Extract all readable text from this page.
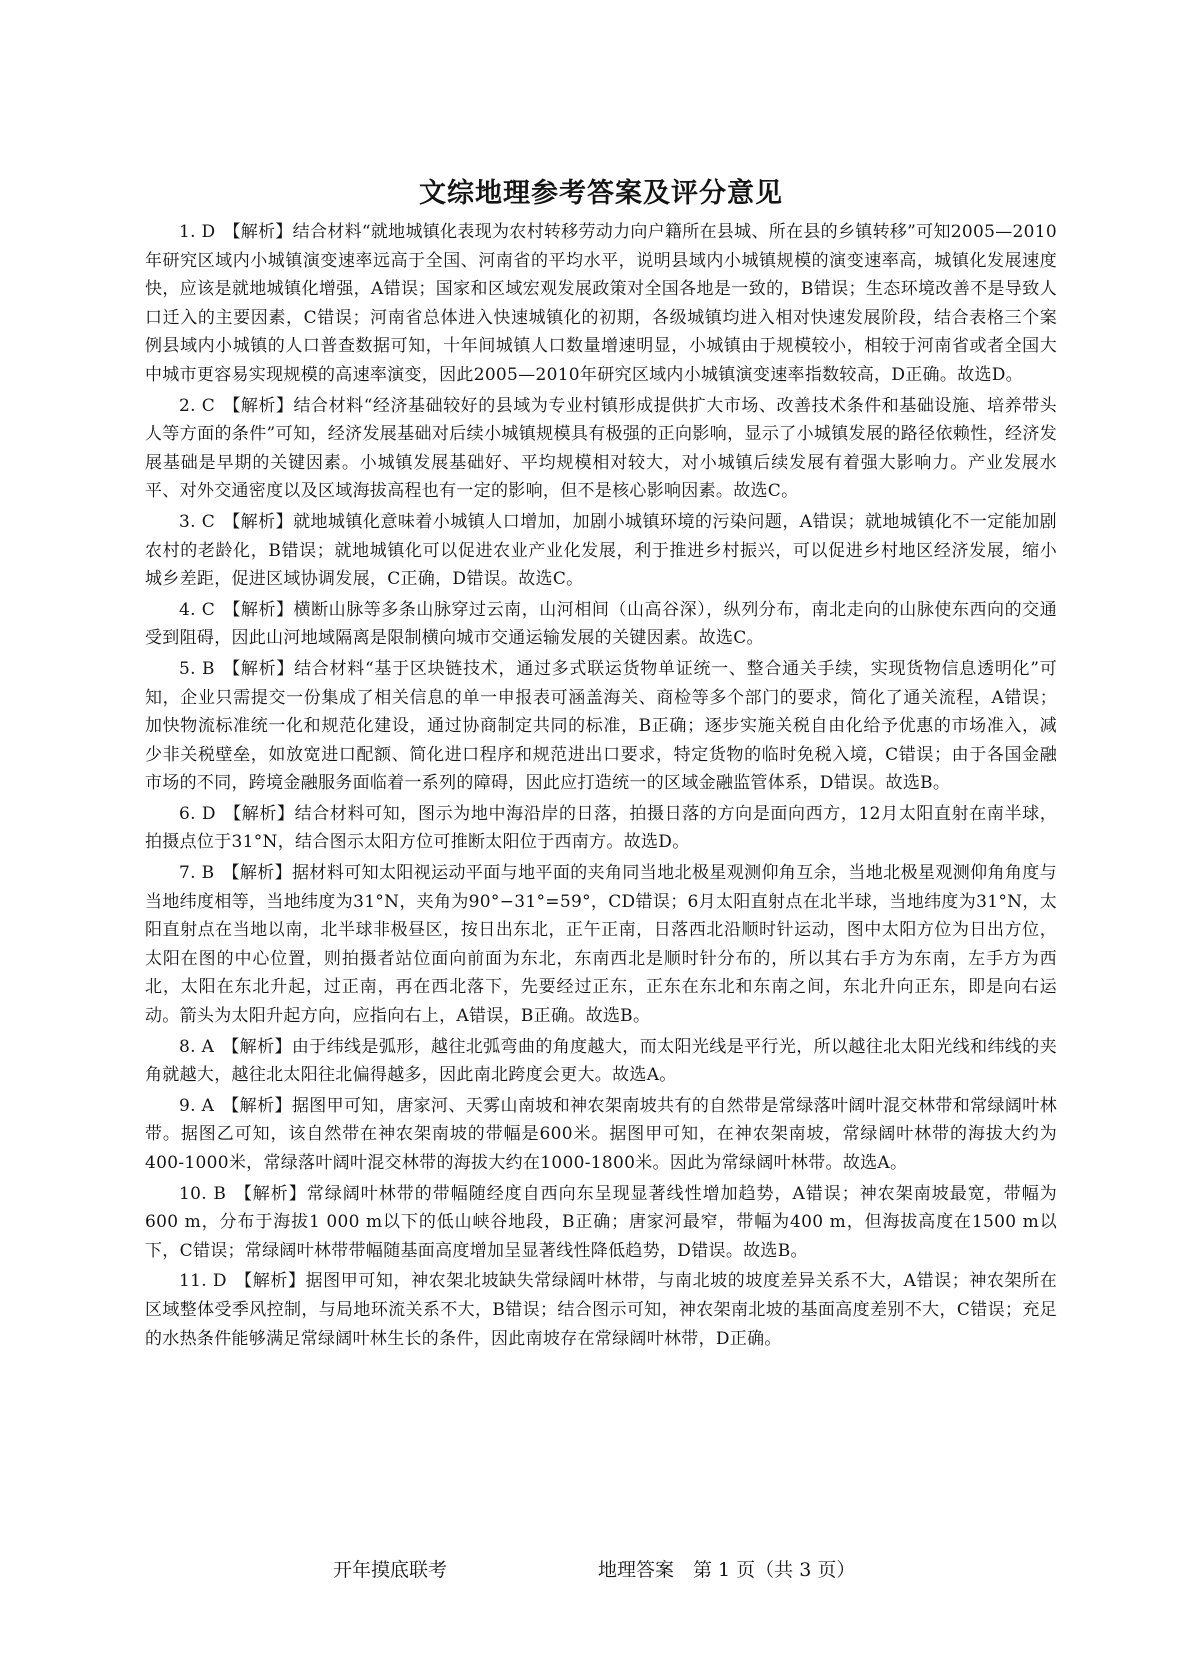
文综地理参考答案及评分意见

1. D 【解析】结合材料“就地城镇化表现为农村转移劳动力向户籍所在县城、所在县的乡镇转移”可知2005—2010年研究区域内小城镇演变速率远高于全国、河南省的平均水平，说明县域内小城镇规模的演变速率高，城镇化发展速度快，应该是就地城镇化增强，A错误；国家和区域宏观发展政策对全国各地是一致的，B错误；生态环境改善不是导致人口迁入的主要因素，C错误；河南省总体进入快速城镇化的初期，各级城镇均进入相对快速发展阶段，结合表格三个案例县域内小城镇的人口普查数据可知，十年间城镇人口数量增速明显，小城镇由于规模较小，相较于河南省或者全国大中城市更容易实现规模的高速率演变，因此2005—2010年研究区域内小城镇演变速率指数较高，D正确。故选D。

2. C 【解析】结合材料“经济基础较好的县域为专业村镇形成提供扩大市场、改善技术条件和基础设施、培养带头人等方面的条件”可知，经济发展基础对后续小城镇规模具有极强的正向影响，显示了小城镇发展的路径依赖性，经济发展基础是早期的关键因素。小城镇发展基础好、平均规模相对较大，对小城镇后续发展有着强大影响力。产业发展水平、对外交通密度以及区域海拔高程也有一定的影响，但不是核心影响因素。故选C。

3. C 【解析】就地城镇化意味着小城镇人口增加，加剧小城镇环境的污染问题，A错误；就地城镇化不一定能加剧农村的老龄化，B错误；就地城镇化可以促进农业产业化发展，利于推进乡村振兴，可以促进乡村地区经济发展，缩小城乡差距，促进区域协调发展，C正确，D错误。故选C。

4. C 【解析】横断山脉等多条山脉穿过云南，山河相间（山高谷深），纵列分布，南北走向的山脉使东西向的交通受到阻碍，因此山河地域隔离是限制横向城市交通运输发展的关键因素。故选C。

5. B 【解析】结合材料“基于区块链技术，通过多式联运货物单证统一、整合通关手续，实现货物信息透明化”可知，企业只需提交一份集成了相关信息的单一申报表可涵盖海关、商检等多个部门的要求，简化了通关流程，A错误；加快物流标准统一化和规范化建设，通过协商制定共同的标准，B正确；逐步实施关税自由化给予优惠的市场准入，减少非关税壁垒，如放宽进口配额、简化进口程序和规范进出口要求，特定货物的临时免税入境，C错误；由于各国金融市场的不同，跨境金融服务面临着一系列的障碍，因此应打造统一的区域金融监管体系，D错误。故选B。

6. D 【解析】结合材料可知，图示为地中海沿岸的日落，拍摄日落的方向是面向西方，12月太阳直射在南半球，拍摄点位于31°N，结合图示太阳方位可推断太阳位于西南方。故选D。

7. B 【解析】据材料可知太阳视运动平面与地平面的夹角同当地北极星观测仰角互余，当地北极星观测仰角角度与当地纬度相等，当地纬度为31°N，夹角为90°−31°=59°，CD错误；6月太阳直射点在北半球，当地纬度为31°N，太阳直射点在当地以南，北半球非极昼区，按日出东北，正午正南，日落西北沿顺时针运动，图中太阳方位为日出方位，太阳在图的中心位置，则拍摄者站位面向前面为东北，东南西北是顺时针分布的，所以其右手方为东南，左手方为西北，太阳在东北升起，过正南，再在西北落下，先要经过正东，正东在东北和东南之间，东北升向正东，即是向右运动。箭头为太阳升起方向，应指向右上，A错误，B正确。故选B。

8. A 【解析】由于纬线是弧形，越往北弧弯曲的角度越大，而太阳光线是平行光，所以越往北太阳光线和纬线的夹角就越大，越往北太阳往北偏得越多，因此南北跨度会更大。故选A。

9. A 【解析】据图甲可知，唐家河、天雾山南坡和神农架南坡共有的自然带是常绿落叶阔叶混交林带和常绿阔叶林带。据图乙可知，该自然带在神农架南坡的带幅是600米。据图甲可知，在神农架南坡，常绿阔叶林带的海拔大约为400-1000米，常绿落叶阔叶混交林带的海拔大约在1000-1800米。因此为常绿阔叶林带。故选A。

10. B 【解析】常绿阔叶林带的带幅随经度自西向东呈现显著线性增加趋势，A错误；神农架南坡最宽，带幅为600 m，分布于海拔1 000 m以下的低山峡谷地段，B正确；唐家河最窄，带幅为400 m，但海拔高度在1500 m以下，C错误；常绿阔叶林带带幅随基面高度增加呈显著线性降低趋势，D错误。故选B。

11. D 【解析】据图甲可知，神农架北坡缺失常绿阔叶林带，与南北坡的坡度差异关系不大，A错误；神农架所在区域整体受季风控制，与局地环流关系不大，B错误；结合图示可知，神农架南北坡的基面高度差别不大，C错误；充足的水热条件能够满足常绿阔叶林生长的条件，因此南坡存在常绿阔叶林带，D正确。

开年摸底联考	地理答案　第 1 页（共 3 页）
